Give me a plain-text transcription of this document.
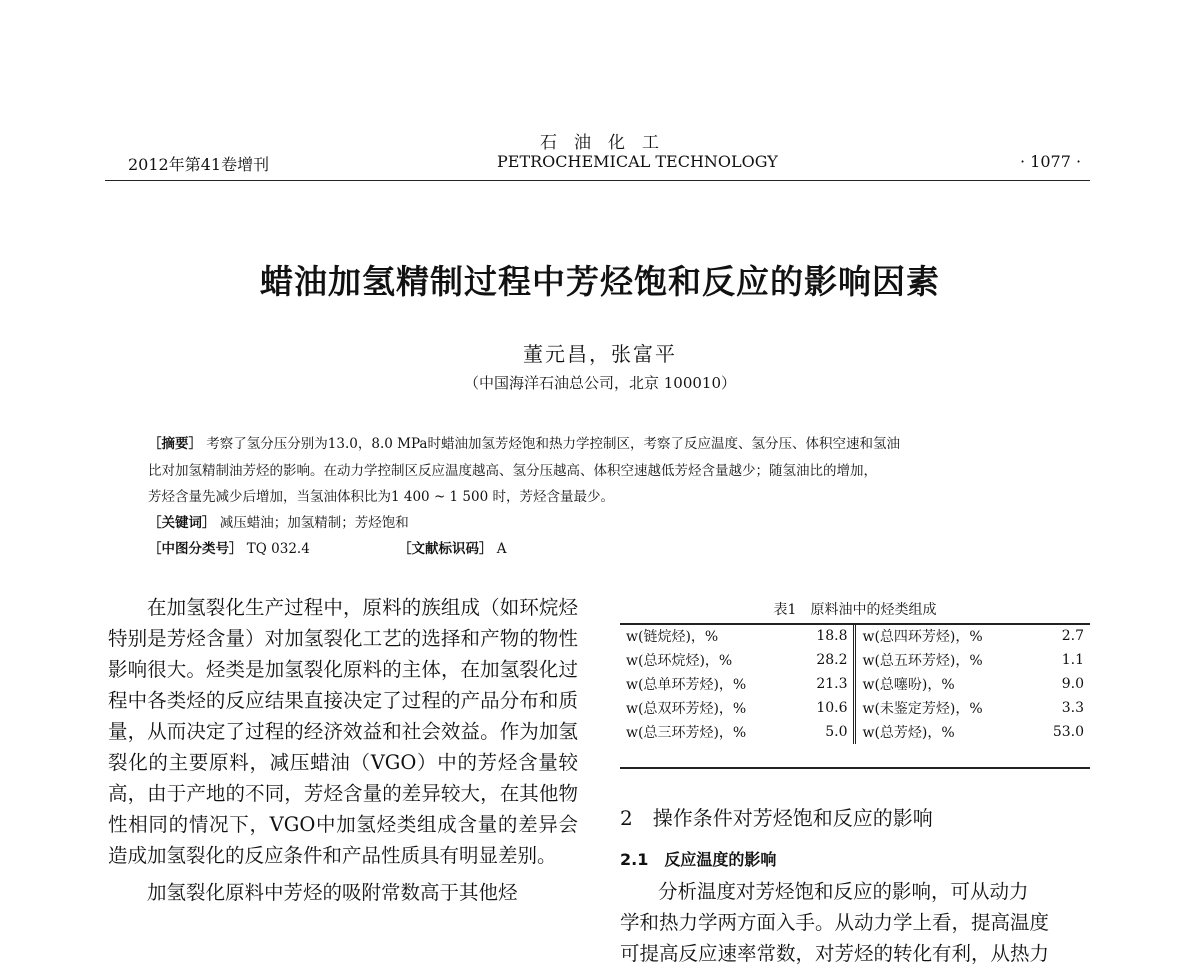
石　油　化　工
2012年第41卷增刊	PETROCHEMICAL TECHNOLOGY	· 1077 ·
蜡油加氢精制过程中芳烃饱和反应的影响因素
董元昌，张富平
（中国海洋石油总公司，北京 100010）
［摘要］ 考察了氢分压分别为13.0，8.0 MPa时蜡油加氢芳烃饱和热力学控制区，考察了反应温度、氢分压、体积空速和氢油
比对加氢精制油芳烃的影响。在动力学控制区反应温度越高、氢分压越高、体积空速越低芳烃含量越少；随氢油比的增加，
芳烃含量先减少后增加，当氢油体积比为1 400 ~ 1 500 时，芳烃含量最少。
［关键词］ 减压蜡油；加氢精制；芳烃饱和
［中图分类号］ TQ 032.4	［文献标识码］ A

在加氢裂化生产过程中，原料的族组成（如环烷烃特别是芳烃含量）对加氢裂化工艺的选择和产物的物性影响很大。烃类是加氢裂化原料的主体，在加氢裂化过程中各类烃的反应结果直接决定了过程的产品分布和质量，从而决定了过程的经济效益和社会效益。作为加氢裂化的主要原料，减压蜡油（VGO）中的芳烃含量较高，由于产地的不同，芳烃含量的差异较大，在其他物性相同的情况下，VGO中加氢烃类组成含量的差异会造成加氢裂化的反应条件和产品性质具有明显差别。

加氢裂化原料中芳烃的吸附常数高于其他烃

表1　原料油中的烃类组成
w(链烷烃)，%	18.8	w(总四环芳烃)，%	2.7
w(总环烷烃)，%	28.2	w(总五环芳烃)，%	1.1
w(总单环芳烃)，%	21.3	w(总噻吩)，%	9.0
w(总双环芳烃)，%	10.6	w(未鉴定芳烃)，%	3.3
w(总三环芳烃)，%	5.0	w(总芳烃)，%	53.0
2　操作条件对芳烃饱和反应的影响
2.1　反应温度的影响
分析温度对芳烃饱和反应的影响，可从动力
学和热力学两方面入手。从动力学上看，提高温度
可提高反应速率常数，对芳烃的转化有利，从热力
